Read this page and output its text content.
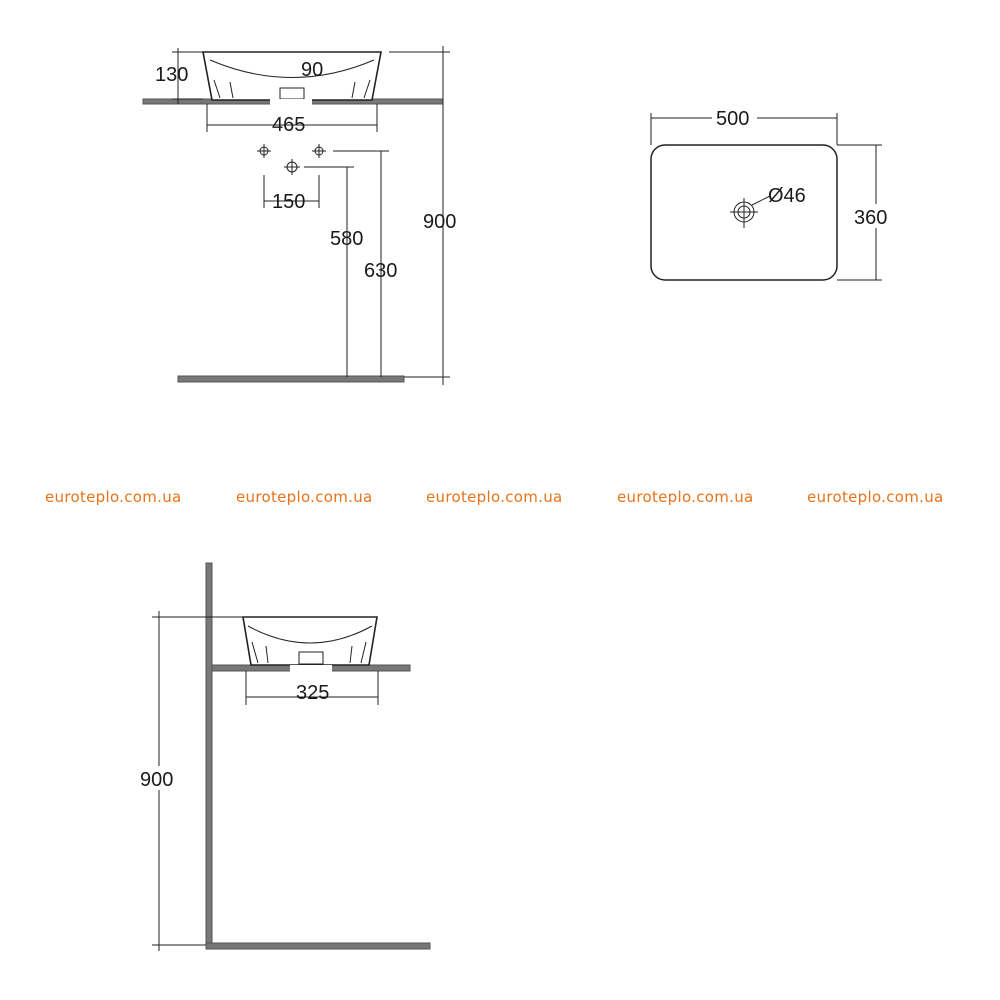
130	90
465
150
580
630
900
500
360
Ø46
euroteplo.com.ua	euroteplo.com.ua	euroteplo.com.ua	euroteplo.com.ua	euroteplo.com.ua
325
900
